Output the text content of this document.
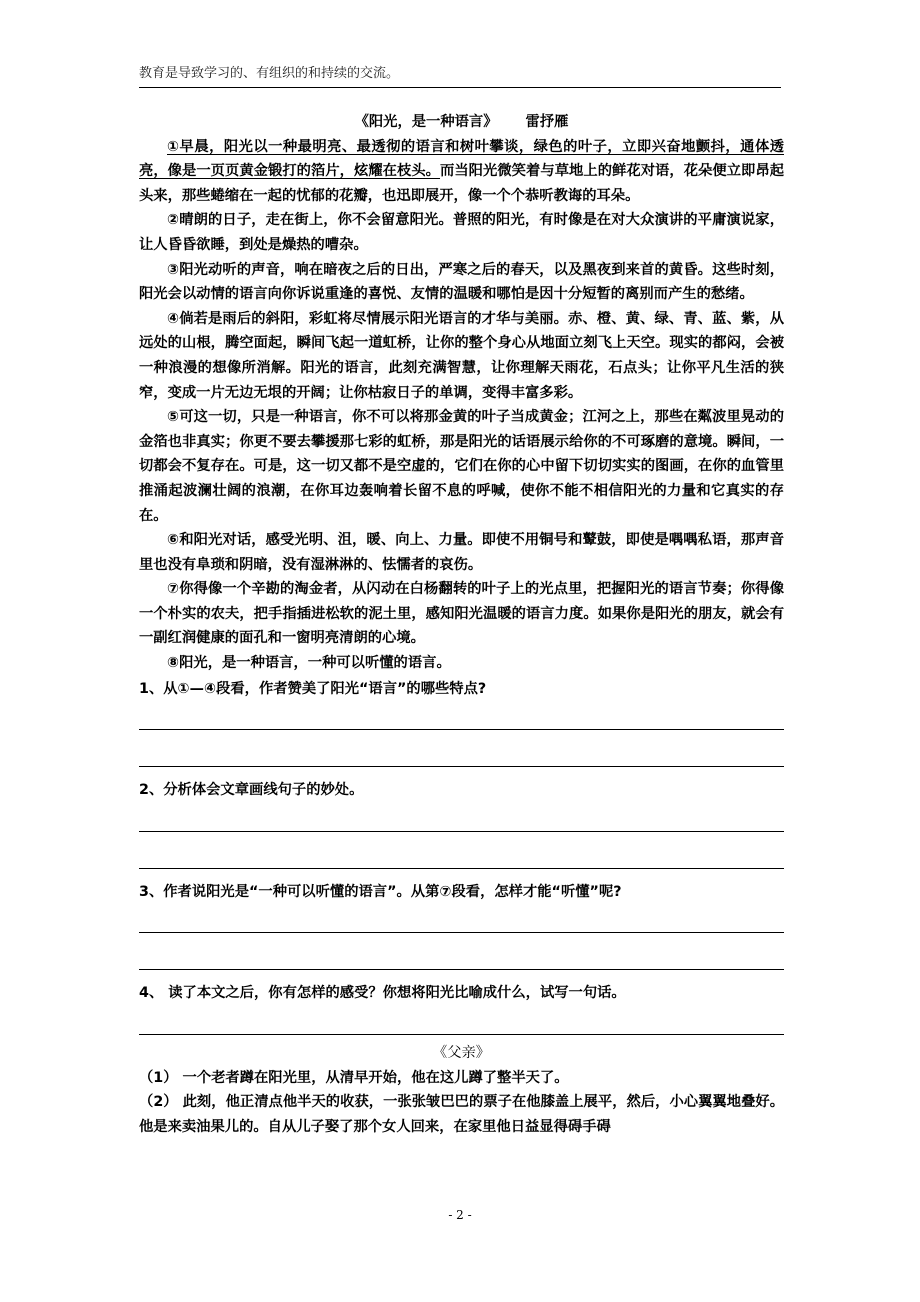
教育是导致学习的、有组织的和持续的交流。

《阳光，是一种语言》 雷抒雁

①早晨，阳光以一种最明亮、最透彻的语言和树叶攀谈，绿色的叶子，立即兴奋地颤抖，通体透亮，像是一页页黄金锻打的箔片，炫耀在枝头。而当阳光微笑着与草地上的鲜花对语，花朵便立即昂起头来，那些蜷缩在一起的忧郁的花瓣，也迅即展开，像一个个恭听教诲的耳朵。

②晴朗的日子，走在街上，你不会留意阳光。普照的阳光，有时像是在对大众演讲的平庸演说家，让人昏昏欲睡，到处是燥热的嘈杂。

③阳光动听的声音，响在暗夜之后的日出，严寒之后的春天，以及黑夜到来首的黄昏。这些时刻，阳光会以动情的语言向你诉说重逢的喜悦、友情的温暖和哪怕是因十分短暂的离别而产生的愁绪。

④倘若是雨后的斜阳，彩虹将尽情展示阳光语言的才华与美丽。赤、橙、黄、绿、青、蓝、紫，从远处的山根，腾空面起，瞬间飞起一道虹桥，让你的整个身心从地面立刻飞上天空。现实的都闷，会被一种浪漫的想像所消解。阳光的语言，此刻充满智慧，让你理解天雨花，石点头；让你平凡生活的狭窄，变成一片无边无垠的开阔；让你枯寂日子的单调，变得丰富多彩。

⑤可这一切，只是一种语言，你不可以将那金黄的叶子当成黄金；江河之上，那些在粼波里晃动的金箔也非真实；你更不要去攀援那七彩的虹桥，那是阳光的话语展示给你的不可琢磨的意境。瞬间，一切都会不复存在。可是，这一切又都不是空虚的，它们在你的心中留下切切实实的图画，在你的血管里推涌起波澜壮阔的浪潮，在你耳边轰响着长留不息的呼喊，使你不能不相信阳光的力量和它真实的存在。

⑥和阳光对话，感受光明、沮，暖、向上、力量。即使不用铜号和鼙鼓，即使是喁喁私语，那声音里也没有阜琐和阴暗，没有湿淋淋的、怯懦者的哀伤。

⑦你得像一个辛勘的淘金者，从闪动在白杨翻转的叶子上的光点里，把握阳光的语言节奏；你得像一个朴实的农夫，把手指插进松软的泥土里，感知阳光温暖的语言力度。如果你是阳光的朋友，就会有一副红润健康的面孔和一窗明亮清朗的心境。

⑧阳光，是一种语言，一种可以听懂的语言。

1、从①—④段看，作者赞美了阳光“语言”的哪些特点?

2、分析体会文章画线句子的妙处。

3、作者说阳光是“一种可以听懂的语言”。从第⑦段看，怎样才能“听懂”呢?

4、 读了本文之后，你有怎样的感受？你想将阳光比喻成什么，试写一句话。

《父亲》

（1） 一个老者蹲在阳光里，从清早开始，他在这儿蹲了整半天了。

（2） 此刻，他正清点他半天的收获，一张张皱巴巴的票子在他膝盖上展平，然后，小心翼翼地叠好。他是来卖油果儿的。自从儿子娶了那个女人回来，在家里他日益显得碍手碍

- 2 -
